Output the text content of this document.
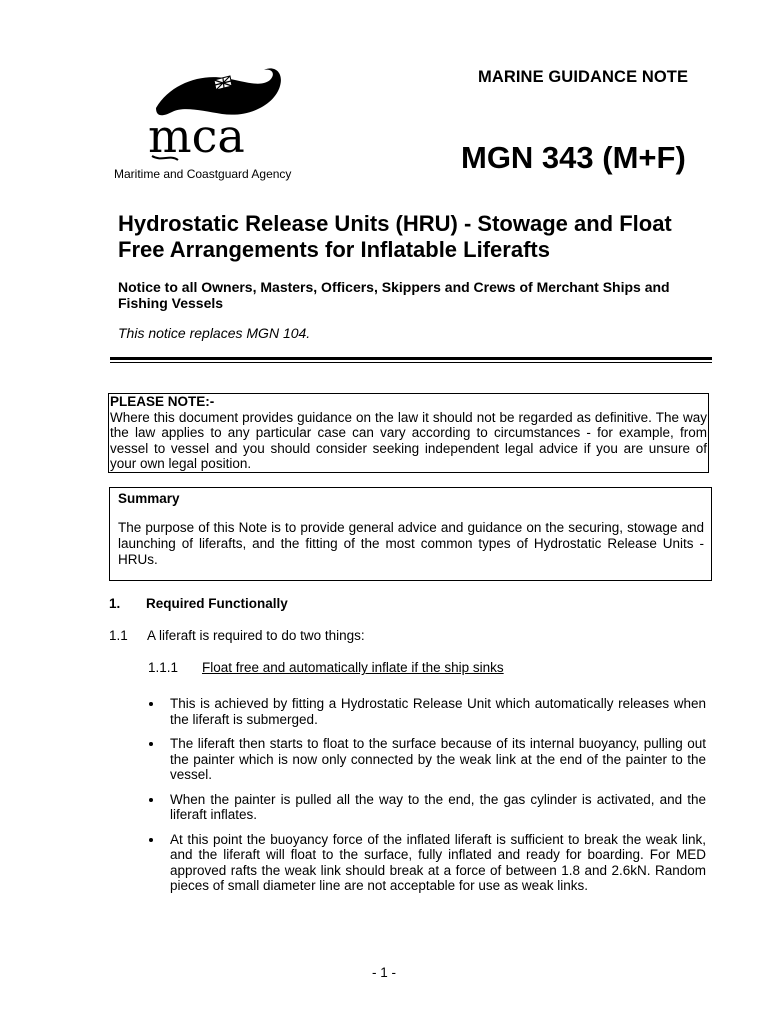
mca
Maritime and Coastguard Agency
MARINE GUIDANCE NOTE
MGN 343 (M+F)
Hydrostatic Release Units (HRU) - Stowage and Float
Free Arrangements for Inflatable Liferafts
Notice to all Owners, Masters, Officers, Skippers and Crews of Merchant Ships and Fishing Vessels
This notice replaces MGN 104.
PLEASE NOTE:-
Where this document provides guidance on the law it should not be regarded as definitive. The way the law applies to any particular case can vary according to circumstances - for example, from vessel to vessel and you should consider seeking independent legal advice if you are unsure of your own legal position.
Summary
The purpose of this Note is to provide general advice and guidance on the securing, stowage and launching of liferafts, and the fitting of the most common types of Hydrostatic Release Units - HRUs.
1. Required Functionally
1.1 A liferaft is required to do two things:
1.1.1 Float free and automatically inflate if the ship sinks
This is achieved by fitting a Hydrostatic Release Unit which automatically releases when the liferaft is submerged.
The liferaft then starts to float to the surface because of its internal buoyancy, pulling out the painter which is now only connected by the weak link at the end of the painter to the vessel.
When the painter is pulled all the way to the end, the gas cylinder is activated, and the liferaft inflates.
At this point the buoyancy force of the inflated liferaft is sufficient to break the weak link, and the liferaft will float to the surface, fully inflated and ready for boarding. For MED approved rafts the weak link should break at a force of between 1.8 and 2.6kN. Random pieces of small diameter line are not acceptable for use as weak links.
- 1 -
